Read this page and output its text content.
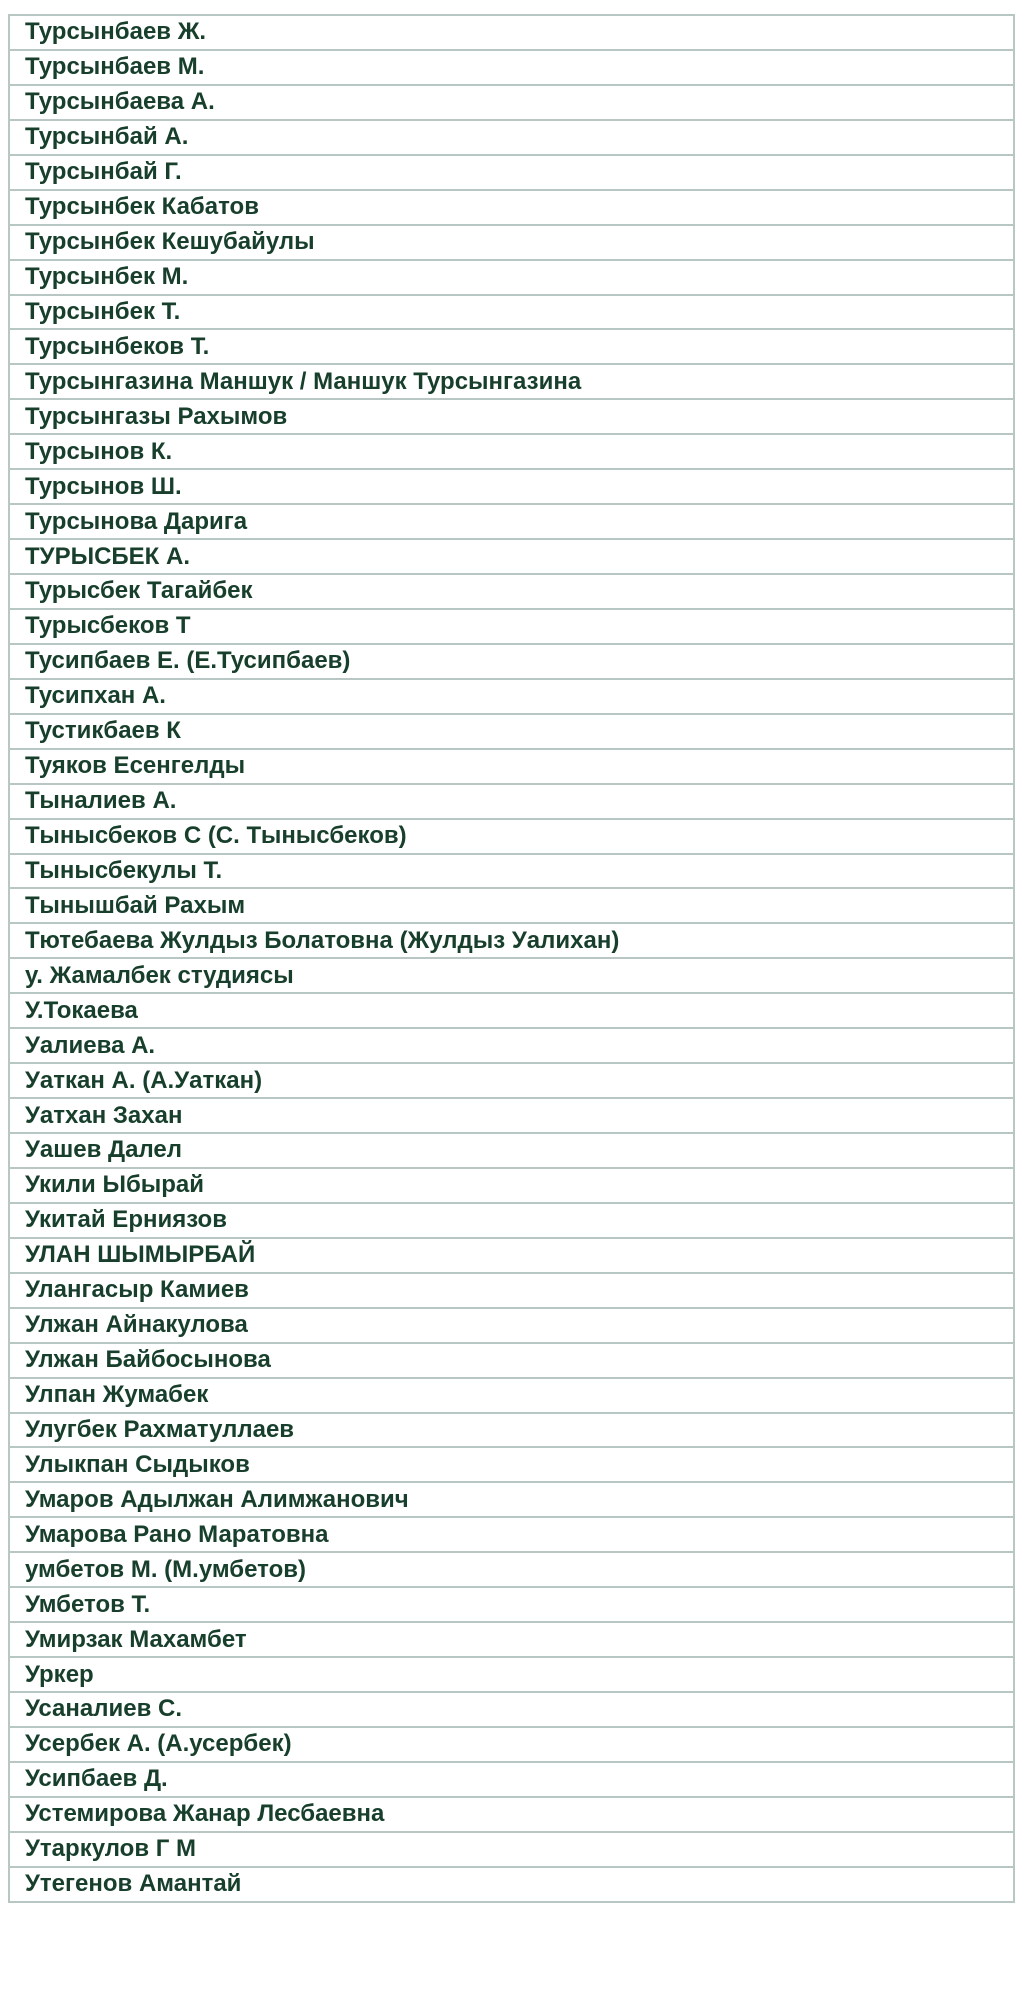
Турсынбаев Ж.
Турсынбаев М.
Турсынбаева А.
Турсынбай А.
Турсынбай Г.
Турсынбек Кабатов
Турсынбек Кешубайулы
Турсынбек М.
Турсынбек Т.
Турсынбеков Т.
Турсынгазина Маншук / Маншук Турсынгазина
Турсынгазы Рахымов
Турсынов К.
Турсынов Ш.
Турсынова Дарига
ТУРЫСБЕК А.
Турысбек Тагайбек
Турысбеков Т
Тусипбаев Е. (Е.Тусипбаев)
Тусипхан А.
Тустикбаев К
Туяков Есенгелды
Тыналиев А.
Тынысбеков С (С. Тынысбеков)
Тынысбекулы Т.
Тынышбай Рахым
Тютебаева Жулдыз Болатовна (Жулдыз Уалихан)
у. Жамалбек студиясы
У.Токаева
Уалиева А.
Уаткан А. (А.Уаткан)
Уатхан Захан
Уашев Далел
Укили Ыбырай
Укитай Ерниязов
УЛАН ШЫМЫРБАЙ
Улангасыр Камиев
Улжан Айнакулова
Улжан Байбосынова
Улпан Жумабек
Улугбек Рахматуллаев
Улыкпан Сыдыков
Умаров Адылжан Алимжанович
Умарова Рано Маратовна
умбетов М. (М.умбетов)
Умбетов Т.
Умирзак Махамбет
Уркер
Усаналиев С.
Усербек А. (А.усербек)
Усипбаев Д.
Устемирова Жанар Лесбаевна
Утаркулов Г М
Утегенов Амантай
